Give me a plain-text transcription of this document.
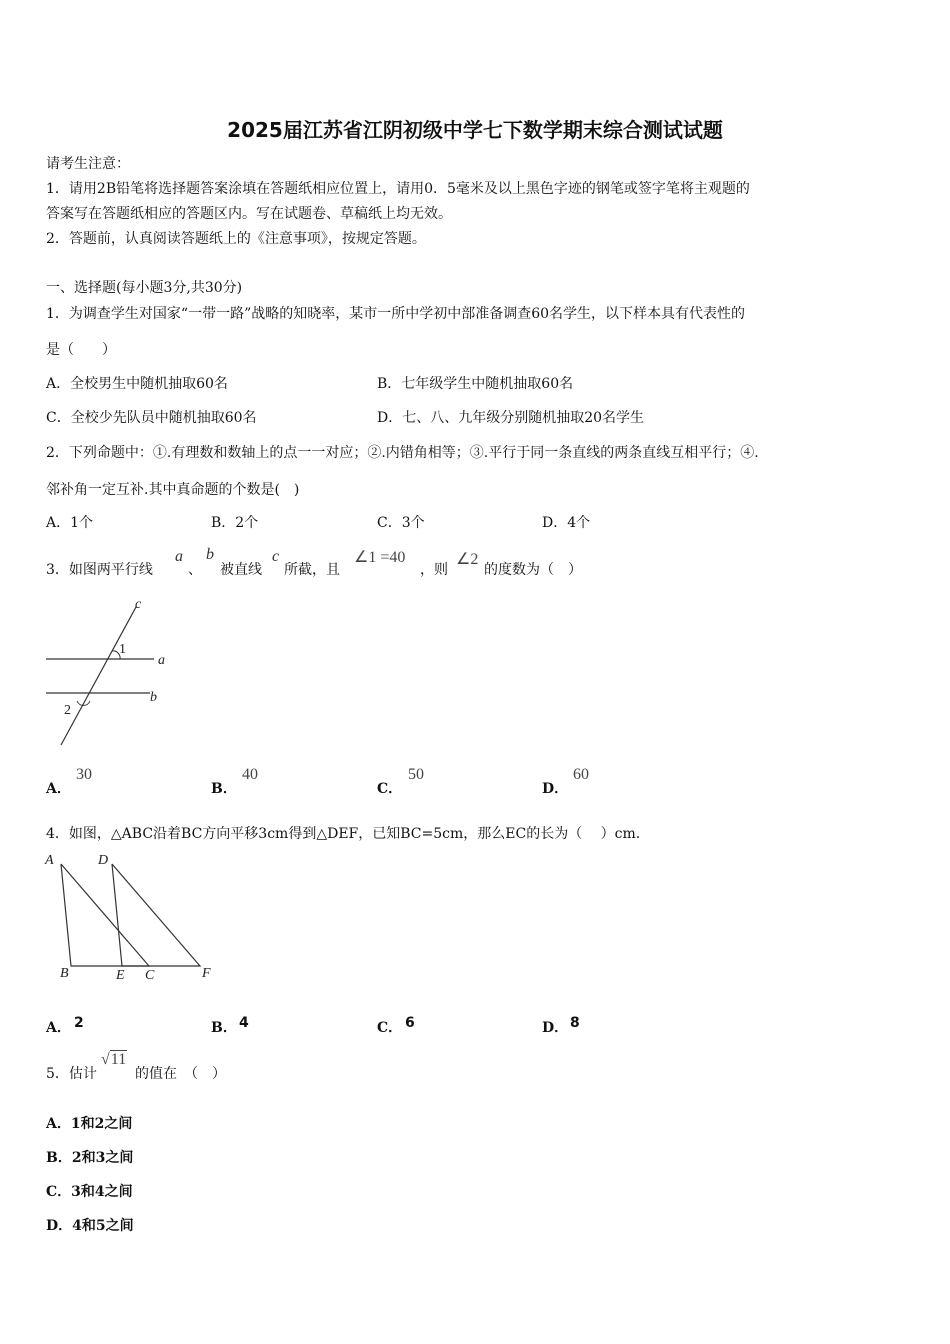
2025届江苏省江阴初级中学七下数学期末综合测试试题
请考生注意：
1．请用2B铅笔将选择题答案涂填在答题纸相应位置上，请用0．5毫米及以上黑色字迹的钢笔或签字笔将主观题的
答案写在答题纸相应的答题区内。写在试题卷、草稿纸上均无效。
2．答题前，认真阅读答题纸上的《注意事项》，按规定答题。
一、选择题(每小题3分,共30分)
1．为调查学生对国家“一带一路”战略的知晓率，某市一所中学初中部准备调查60名学生，以下样本具有代表性的
是（　　）
A．全校男生中随机抽取60名	B．七年级学生中随机抽取60名
C．全校少先队员中随机抽取60名	D．七、八、九年级分别随机抽取20名学生
2．下列命题中：①.有理数和数轴上的点一一对应；②.内错角相等；③.平行于同一条直线的两条直线互相平行；④.
邻补角一定互补.其中真命题的个数是(　)
A．1个	B．2个	C．3个	D．4个
3．如图两平行线
a
、
b
被直线
c
所截，且
∠1 =40
，则
∠2
的度数为（　）
c
1
a
b
2
A．
30
B．
40
C．
50
D．
60
4．如图，△ABC沿着BC方向平移3cm得到△DEF，已知BC=5cm，那么EC的长为（　 ）cm.
A	D
B	E C	F
A． 2	B． 4	C． 6	D． 8
5．估计
√11
的值在　（　）
A．1和2之间
B．2和3之间
C．3和4之间
D．4和5之间
